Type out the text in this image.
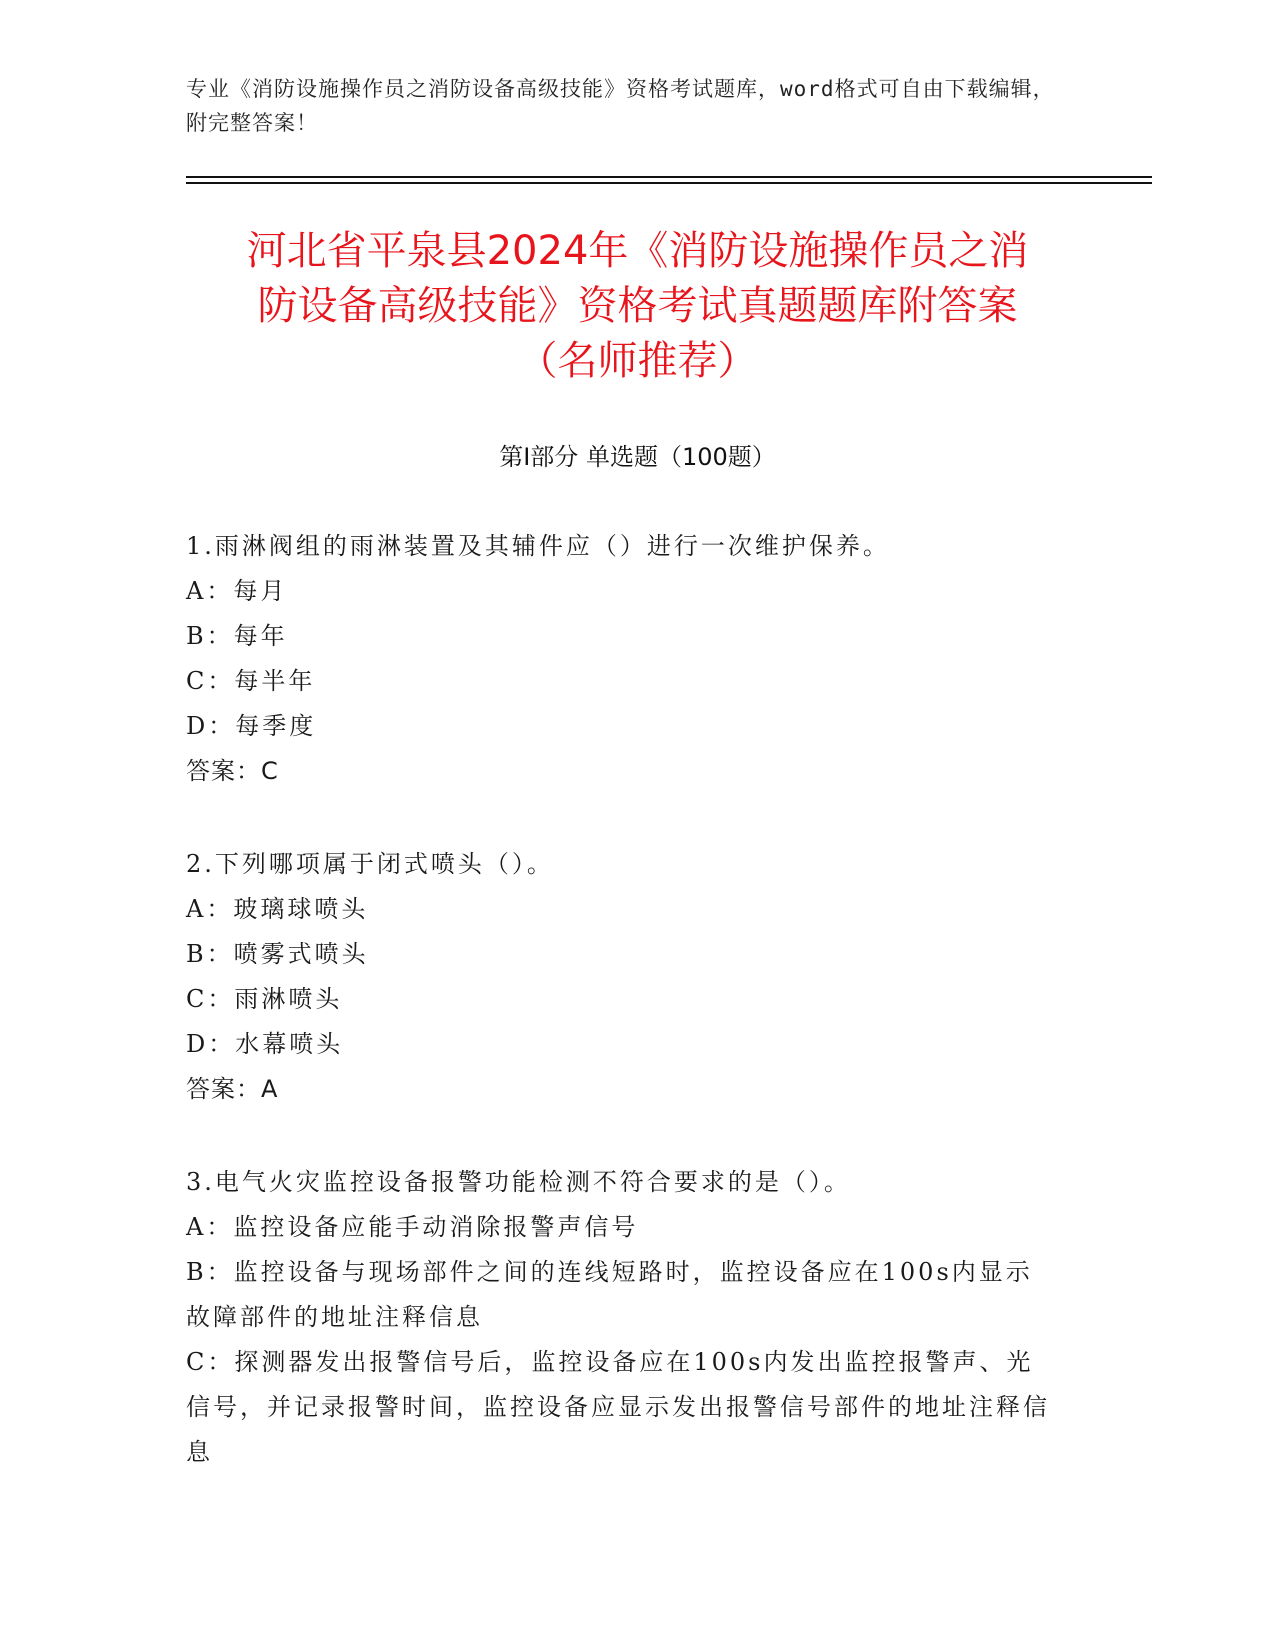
专业《消防设施操作员之消防设备高级技能》资格考试题库，word格式可自由下载编辑，附完整答案！
河北省平泉县2024年《消防设施操作员之消
防设备高级技能》资格考试真题题库附答案
（名师推荐）
第Ⅰ部分 单选题（100题）

1.雨淋阀组的雨淋装置及其辅件应（）进行一次维护保养。

A：每月

B：每年

C：每半年

D：每季度

答案：C

2.下列哪项属于闭式喷头（）。

A：玻璃球喷头

B：喷雾式喷头

C：雨淋喷头

D：水幕喷头

答案：A

3.电气火灾监控设备报警功能检测不符合要求的是（）。

A：监控设备应能手动消除报警声信号

B：监控设备与现场部件之间的连线短路时，监控设备应在100s内显示故障部件的地址注释信息

C：探测器发出报警信号后，监控设备应在100s内发出监控报警声、光信号，并记录报警时间，监控设备应显示发出报警信号部件的地址注释信息
